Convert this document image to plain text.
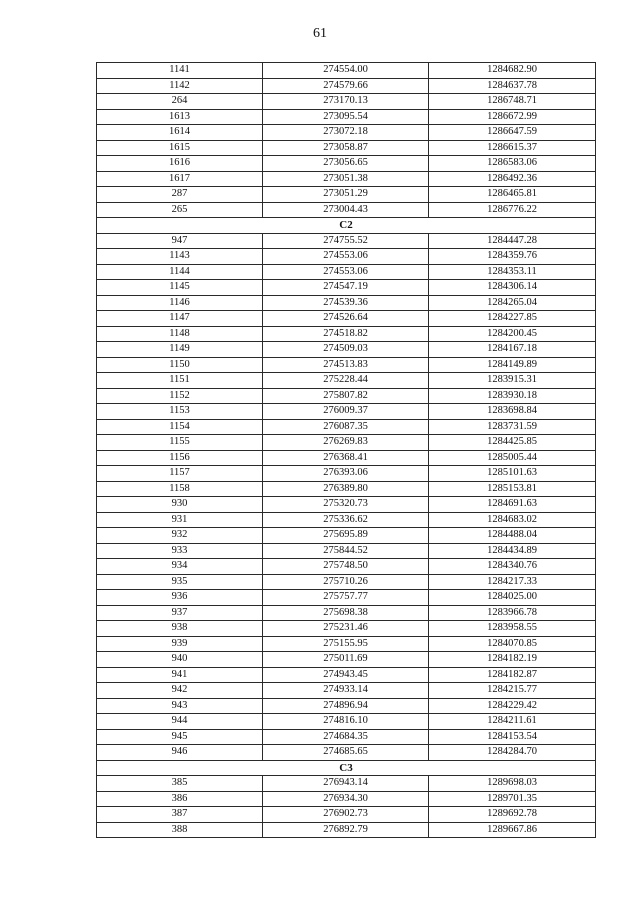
61
1141	274554.00	1284682.90
1142	274579.66	1284637.78
264	273170.13	1286748.71
1613	273095.54	1286672.99
1614	273072.18	1286647.59
1615	273058.87	1286615.37
1616	273056.65	1286583.06
1617	273051.38	1286492.36
287	273051.29	1286465.81
265	273004.43	1286776.22
С2		
947	274755.52	1284447.28
1143	274553.06	1284359.76
1144	274553.06	1284353.11
1145	274547.19	1284306.14
1146	274539.36	1284265.04
1147	274526.64	1284227.85
1148	274518.82	1284200.45
1149	274509.03	1284167.18
1150	274513.83	1284149.89
1151	275228.44	1283915.31
1152	275807.82	1283930.18
1153	276009.37	1283698.84
1154	276087.35	1283731.59
1155	276269.83	1284425.85
1156	276368.41	1285005.44
1157	276393.06	1285101.63
1158	276389.80	1285153.81
930	275320.73	1284691.63
931	275336.62	1284683.02
932	275695.89	1284488.04
933	275844.52	1284434.89
934	275748.50	1284340.76
935	275710.26	1284217.33
936	275757.77	1284025.00
937	275698.38	1283966.78
938	275231.46	1283958.55
939	275155.95	1284070.85
940	275011.69	1284182.19
941	274943.45	1284182.87
942	274933.14	1284215.77
943	274896.94	1284229.42
944	274816.10	1284211.61
945	274684.35	1284153.54
946	274685.65	1284284.70
С3		
385	276943.14	1289698.03
386	276934.30	1289701.35
387	276902.73	1289692.78
388	276892.79	1289667.86
